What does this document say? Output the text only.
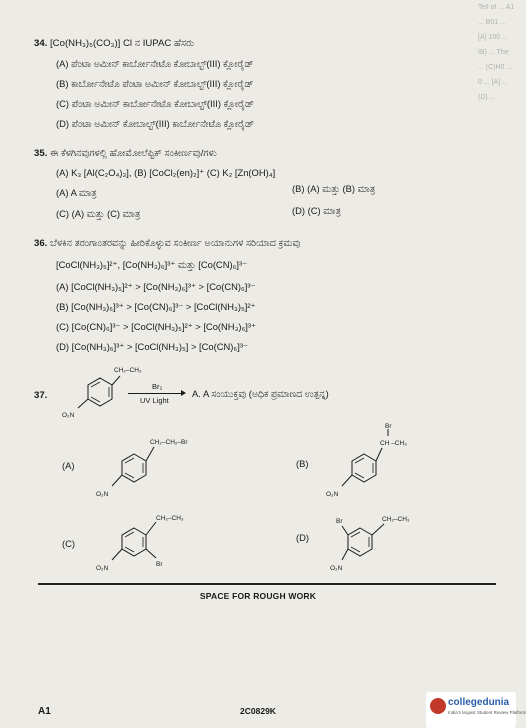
Tell of ... A1 ... B01 ... [A] 100 ... IB) ... The ... (C)H0 ... 0 ... [A] ... (D) ...
34. [Co(NH₃)₅(CO₃)] Cl ನ IUPAC ಹೆಸರು
(A) ಪೆಂಟಾ ಅಮೀನ್ ಕಾರ್ಬೋನೇಟೊ ಕೋಬಾಲ್ಟ್(III) ಕ್ಲೋರೈಡ್
(B) ಕಾರ್ಬೋನೇಟೊ ಪೆಂಟಾ ಅಮೀನ್ ಕೋಬಾಲ್ಟ್(III) ಕ್ಲೋರೈಡ್
(C) ಪೆಂಟಾ ಅಮೀನ್ ಕಾರ್ಬೋನೇಟೊ ಕೋಬಾಲ್ಟ್(III) ಕ್ಲೋರೈಡ್
(D) ಪೆಂಟಾ ಅಮೀನ್ ಕೋಬಾಲ್ಟ್(III) ಕಾರ್ಬೋನೇಟೊ ಕ್ಲೋರೈಡ್
35. ಈ ಕೆಳಗಿನವುಗಳಲ್ಲಿ ಹೋಮೋಲೆಪ್ಟಿಕ್ ಸಂಕೀರ್ಣವು/ಗಳು
(A) K₃ [Al(C₂O₄)₃], (B) [CoCl₂(en)₂]⁺ (C) K₂ [Zn(OH)₄]
(A) A ಮಾತ್ರ	(B) (A) ಮತ್ತು (B) ಮಾತ್ರ
(C) (A) ಮತ್ತು (C) ಮಾತ್ರ	(D) (C) ಮಾತ್ರ
36. ಬೆಳಕಿನ ತರಂಗಾಂತರವನ್ನು ಹೀರಿಕೊಳ್ಳುವ ಸಂಕೀರ್ಣ ಅಯಾನುಗಳ ಸರಿಯಾದ ಕ್ರಮವು
[CoCl(NH₃)₅]²⁺, [Co(NH₃)₆]³⁺ ಮತ್ತು [Co(CN)₆]³⁻
(A) [CoCl(NH₃)₅]²⁺ > [Co(NH₃)₆]³⁺ > [Co(CN)₆]³⁻
(B) [Co(NH₃)₆]³⁺ > [Co(CN)₆]³⁻ > [CoCl(NH₃)₅]²⁺
(C) [Co(CN)₆]³⁻ > [CoCl(NH₃)₅]²⁺ > [Co(NH₃)₆]³⁺
(D) [Co(NH₃)₆]³⁺ > [CoCl(NH₃)₅] > [Co(CN)₆]³⁻
37.
CH₂–CH₃
O₂N
Br₂
UV Light
A. A ಸಂಯುಕ್ತವು (ಅಧಿಕ ಪ್ರಮಾಣದ ಉತ್ಪನ್ನ)
(A)
CH₂–CH₂–Br
O₂N
(B)
Br
CH –CH₃
O₂N
(C)
CH₂–CH₃
Br
O₂N
(D)
Br	CH₂–CH₃
O₂N
SPACE FOR ROUGH WORK
A1	2C0829K
collegedunia
India's largest Student Review Platform
